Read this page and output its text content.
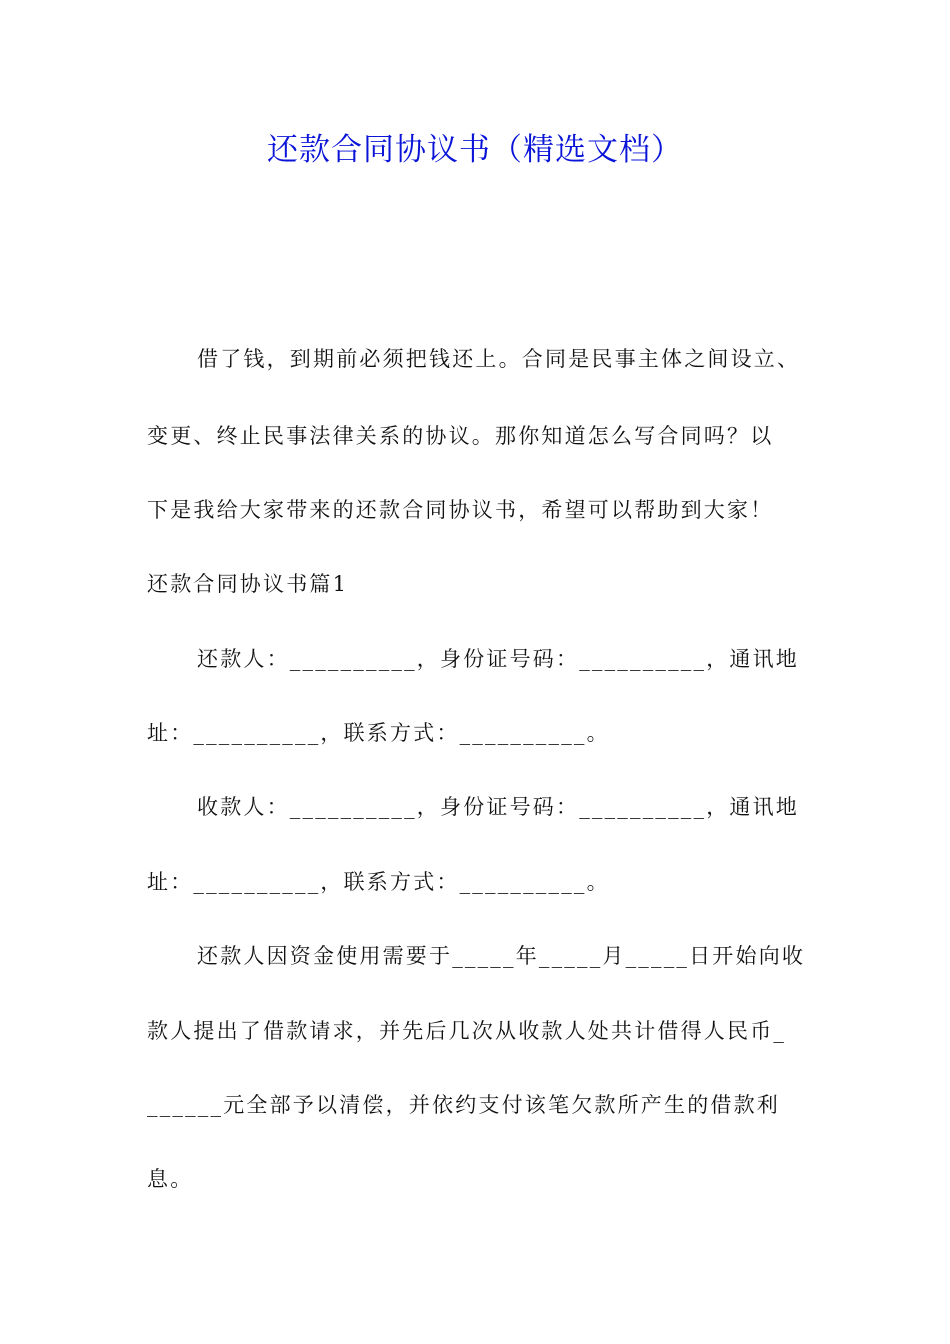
还款合同协议书（精选文档）
借了钱，到期前必须把钱还上。合同是民事主体之间设立、
变更、终止民事法律关系的协议。那你知道怎么写合同吗？以
下是我给大家带来的还款合同协议书，希望可以帮助到大家！
还款合同协议书篇1
还款人：__________，身份证号码：__________，通讯地
址：__________，联系方式：__________。
收款人：__________，身份证号码：__________，通讯地
址：__________，联系方式：__________。
还款人因资金使用需要于_____年_____月_____日开始向收
款人提出了借款请求，并先后几次从收款人处共计借得人民币_
______元全部予以清偿，并依约支付该笔欠款所产生的借款利
息。
